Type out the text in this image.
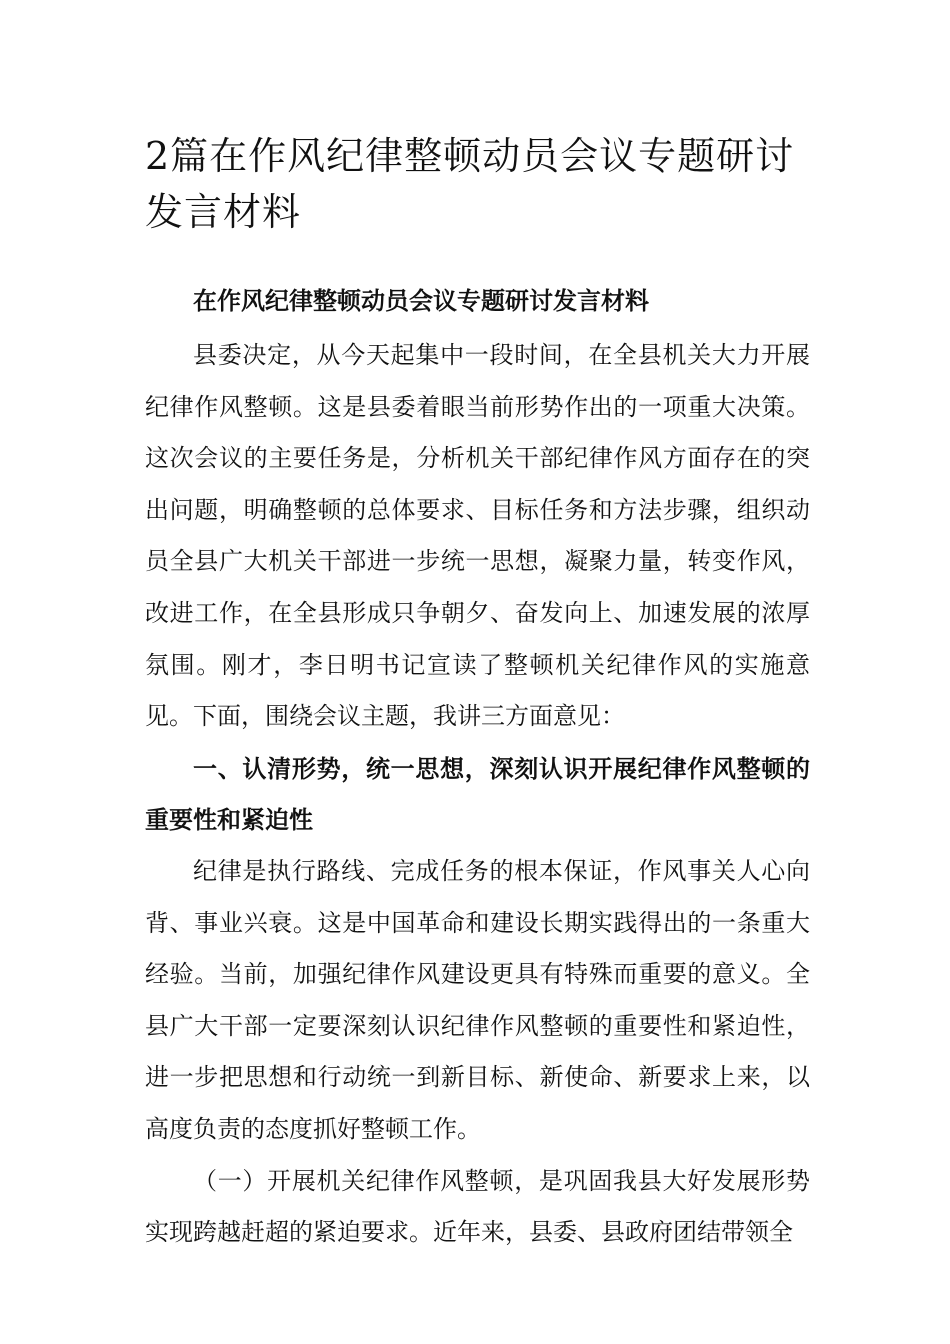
2篇在作风纪律整顿动员会议专题研讨发言材料
在作风纪律整顿动员会议专题研讨发言材料

县委决定，从今天起集中一段时间，在全县机关大力开展纪律作风整顿。这是县委着眼当前形势作出的一项重大决策。这次会议的主要任务是，分析机关干部纪律作风方面存在的突出问题，明确整顿的总体要求、目标任务和方法步骤，组织动员全县广大机关干部进一步统一思想，凝聚力量，转变作风，改进工作，在全县形成只争朝夕、奋发向上、加速发展的浓厚氛围。刚才，李日明书记宣读了整顿机关纪律作风的实施意见。下面，围绕会议主题，我讲三方面意见：

一、认清形势，统一思想，深刻认识开展纪律作风整顿的重要性和紧迫性

纪律是执行路线、完成任务的根本保证，作风事关人心向背、事业兴衰。这是中国革命和建设长期实践得出的一条重大经验。当前，加强纪律作风建设更具有特殊而重要的意义。全县广大干部一定要深刻认识纪律作风整顿的重要性和紧迫性，进一步把思想和行动统一到新目标、新使命、新要求上来，以高度负责的态度抓好整顿工作。

（一）开展机关纪律作风整顿，是巩固我县大好发展形势实现跨越赶超的紧迫要求。近年来，县委、县政府团结带领全
